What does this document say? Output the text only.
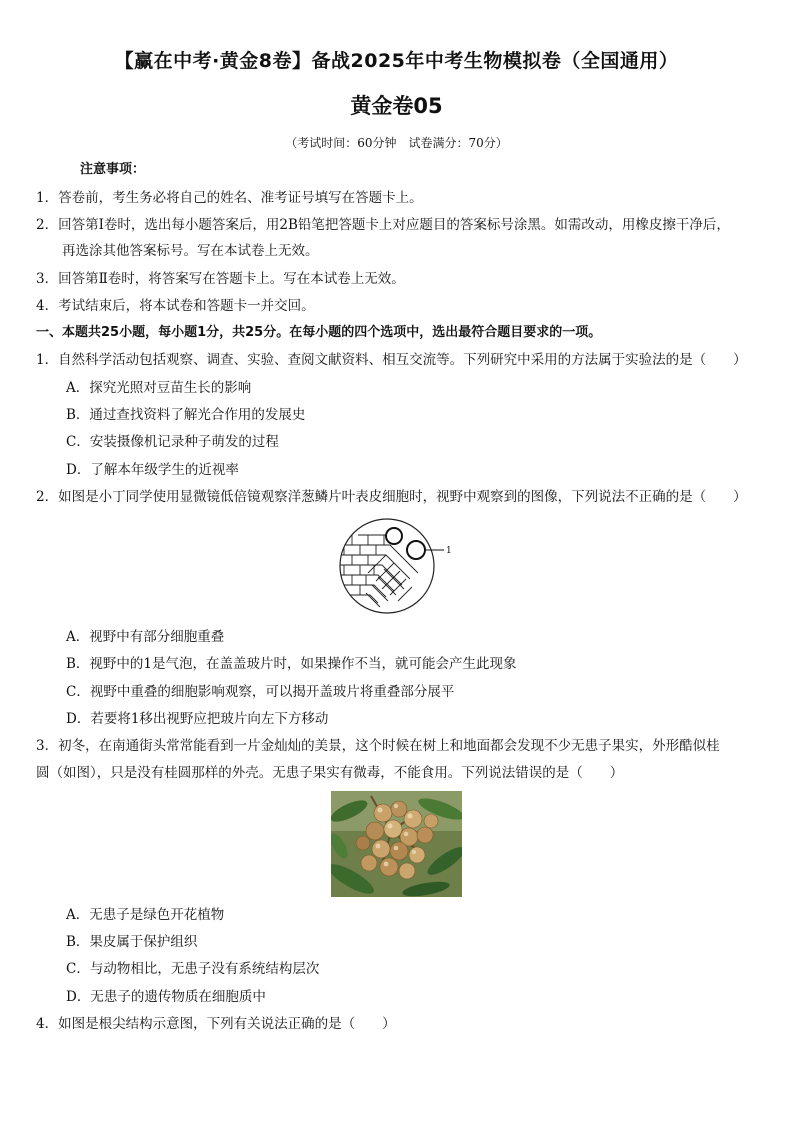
【赢在中考·黄金8卷】备战2025年中考生物模拟卷（全国通用）
黄金卷05
（考试时间：60分钟　试卷满分：70分）
注意事项：
1．答卷前，考生务必将自己的姓名、准考证号填写在答题卡上。
2．回答第Ⅰ卷时，选出每小题答案后，用2B铅笔把答题卡上对应题目的答案标号涂黑。如需改动，用橡皮擦干净后，
再选涂其他答案标号。写在本试卷上无效。
3．回答第Ⅱ卷时，将答案写在答题卡上。写在本试卷上无效。
4．考试结束后，将本试卷和答题卡一并交回。
一、本题共25小题，每小题1分，共25分。在每小题的四个选项中，选出最符合题目要求的一项。
1．自然科学活动包括观察、调查、实验、查阅文献资料、相互交流等。下列研究中采用的方法属于实验法的是（　　）
A．探究光照对豆苗生长的影响
B．通过查找资料了解光合作用的发展史
C．安装摄像机记录种子萌发的过程
D．了解本年级学生的近视率
2．如图是小丁同学使用显微镜低倍镜观察洋葱鳞片叶表皮细胞时，视野中观察到的图像，下列说法不正确的是（　　）
1
A．视野中有部分细胞重叠
B．视野中的1是气泡，在盖盖玻片时，如果操作不当，就可能会产生此现象
C．视野中重叠的细胞影响观察，可以揭开盖玻片将重叠部分展平
D．若要将1移出视野应把玻片向左下方移动
3．初冬，在南通街头常常能看到一片金灿灿的美景，这个时候在树上和地面都会发现不少无患子果实，外形酷似桂
圆（如图），只是没有桂圆那样的外壳。无患子果实有微毒，不能食用。下列说法错误的是（　　）
A．无患子是绿色开花植物
B．果皮属于保护组织
C．与动物相比，无患子没有系统结构层次
D．无患子的遗传物质在细胞质中
4．如图是根尖结构示意图，下列有关说法正确的是（　　）
